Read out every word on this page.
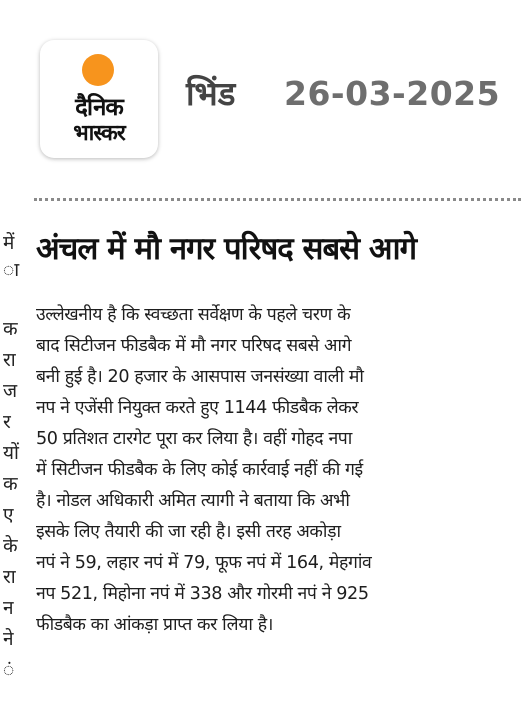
दैनिक
भास्कर
भिंड 26-03-2025
में
ा
क
रा
ज
र
यों
क
ए
के
रा
न
ने
ं
अंचल में मौ नगर परिषद सबसे आगे
उल्लेखनीय है कि स्वच्छता सर्वेक्षण के पहले चरण के
बाद सिटीजन फीडबैक में मौ नगर परिषद सबसे आगे
बनी हुई है। 20 हजार के आसपास जनसंख्या वाली मौ
नप ने एजेंसी नियुक्त करते हुए 1144 फीडबैक लेकर
50 प्रतिशत टारगेट पूरा कर लिया है। वहीं गोहद नपा
में सिटीजन फीडबैक के लिए कोई कार्रवाई नहीं की गई
है। नोडल अधिकारी अमित त्यागी ने बताया कि अभी
इसके लिए तैयारी की जा रही है। इसी तरह अकोड़ा
नपं ने 59, लहार नपं में 79, फूफ नपं में 164, मेहगांव
नप 521, मिहोना नपं में 338 और गोरमी नपं ने 925
फीडबैक का आंकड़ा प्राप्त कर लिया है।
